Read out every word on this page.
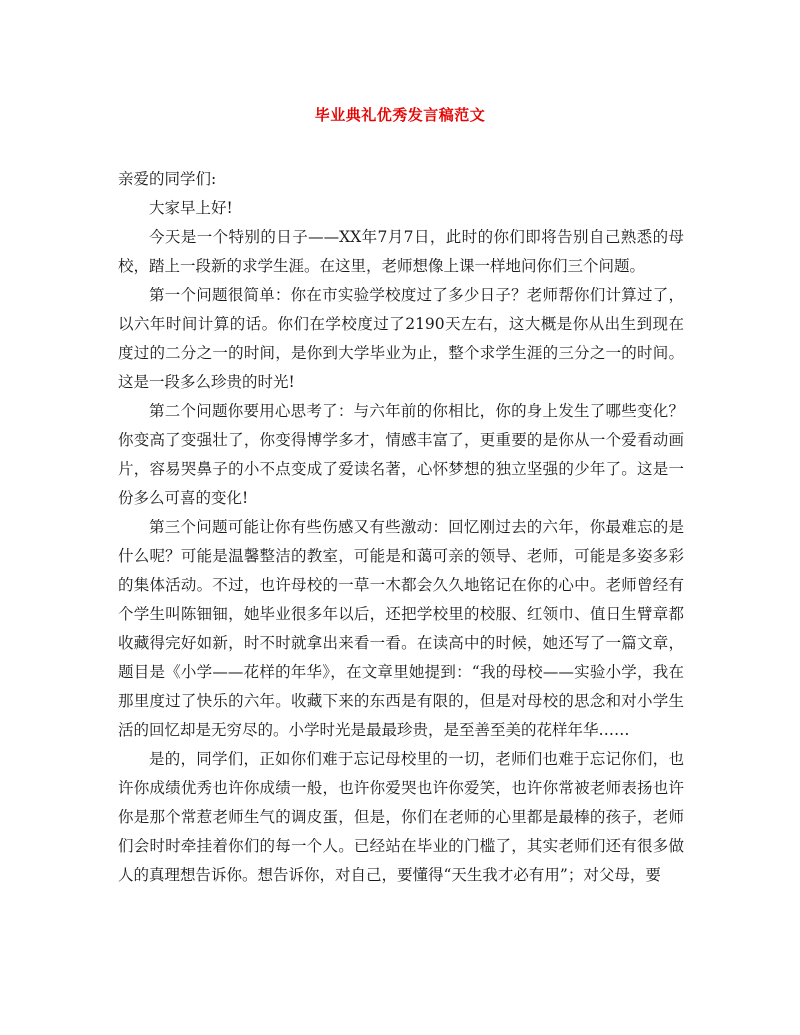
毕业典礼优秀发言稿范文

亲爱的同学们:

大家早上好!

今天是一个特别的日子——XX年7月7日，此时的你们即将告别自己熟悉的母校，踏上一段新的求学生涯。在这里，老师想像上课一样地问你们三个问题。

第一个问题很简单：你在市实验学校度过了多少日子？老师帮你们计算过了，以六年时间计算的话。你们在学校度过了2190天左右，这大概是你从出生到现在度过的二分之一的时间，是你到大学毕业为止，整个求学生涯的三分之一的时间。这是一段多么珍贵的时光!

第二个问题你要用心思考了：与六年前的你相比，你的身上发生了哪些变化？你变高了变强壮了，你变得博学多才，情感丰富了，更重要的是你从一个爱看动画片，容易哭鼻子的小不点变成了爱读名著，心怀梦想的独立坚强的少年了。这是一份多么可喜的变化!

第三个问题可能让你有些伤感又有些激动：回忆刚过去的六年，你最难忘的是什么呢？可能是温馨整洁的教室，可能是和蔼可亲的领导、老师，可能是多姿多彩的集体活动。不过，也许母校的一草一木都会久久地铭记在你的心中。老师曾经有个学生叫陈钿钿，她毕业很多年以后，还把学校里的校服、红领巾、值日生臂章都收藏得完好如新，时不时就拿出来看一看。在读高中的时候，她还写了一篇文章，题目是《小学——花样的年华》，在文章里她提到：“我的母校——实验小学，我在那里度过了快乐的六年。收藏下来的东西是有限的，但是对母校的思念和对小学生活的回忆却是无穷尽的。小学时光是最最珍贵，是至善至美的花样年华……

是的，同学们，正如你们难于忘记母校里的一切，老师们也难于忘记你们，也许你成绩优秀也许你成绩一般，也许你爱哭也许你爱笑，也许你常被老师表扬也许你是那个常惹老师生气的调皮蛋，但是，你们在老师的心里都是最棒的孩子，老师们会时时牵挂着你们的每一个人。已经站在毕业的门槛了，其实老师们还有很多做人的真理想告诉你。想告诉你，对自己，要懂得“天生我才必有用”；对父母，要
